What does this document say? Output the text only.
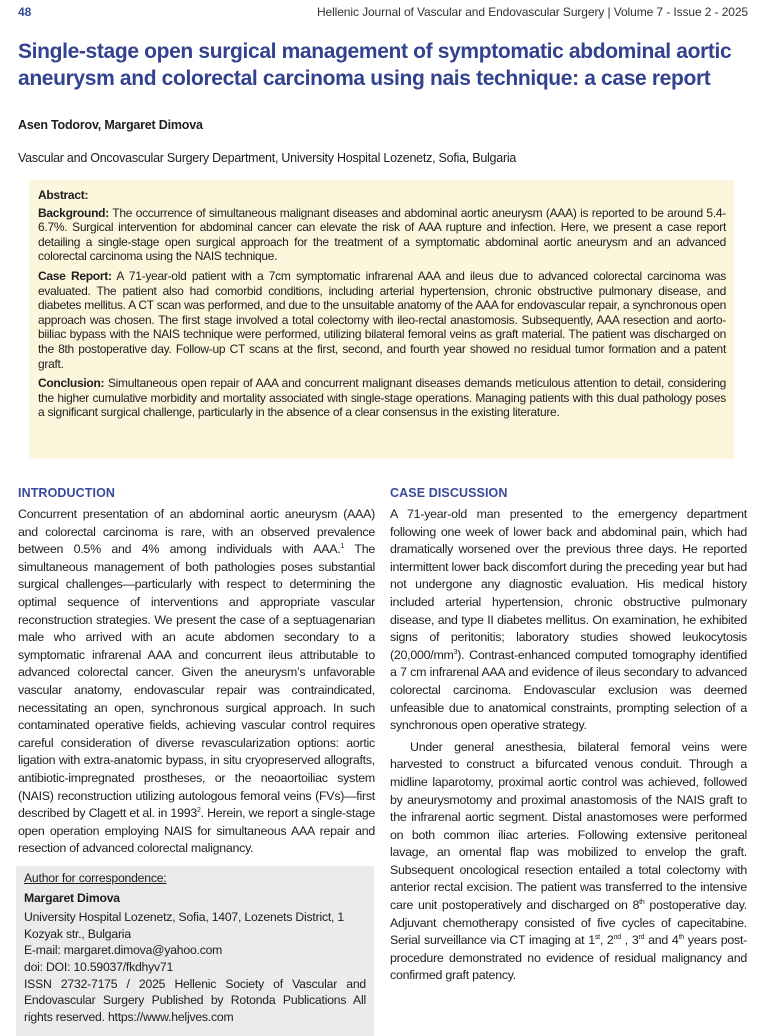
48	Hellenic Journal of Vascular and Endovascular Surgery | Volume 7 - Issue 2 - 2025
Single-stage open surgical management of symptomatic abdominal aortic aneurysm and colorectal carcinoma using nais technique: a case report
Asen Todorov, Margaret Dimova
Vascular and Oncovascular Surgery Department, University Hospital Lozenetz, Sofia, Bulgaria
Abstract:

Background: The occurrence of simultaneous malignant diseases and abdominal aortic aneurysm (AAA) is reported to be around 5.4-6.7%. Surgical intervention for abdominal cancer can elevate the risk of AAA rupture and infection. Here, we present a case report detailing a single-stage open surgical approach for the treatment of a symptomatic abdominal aortic aneurysm and an advanced colorectal carcinoma using the NAIS technique.

Case Report: A 71-year-old patient with a 7cm symptomatic infrarenal AAA and ileus due to advanced colorectal carcinoma was evaluated. The patient also had comorbid conditions, including arterial hypertension, chronic obstructive pulmonary disease, and diabetes mellitus. A CT scan was performed, and due to the unsuitable anatomy of the AAA for endovascular repair, a synchronous open approach was chosen. The first stage involved a total colectomy with ileo-rectal anastomosis. Subsequently, AAA resection and aorto-biiliac bypass with the NAIS technique were performed, utilizing bilateral femoral veins as graft material. The patient was discharged on the 8th postoperative day. Follow-up CT scans at the first, second, and fourth year showed no residual tumor formation and a patent graft.

Conclusion: Simultaneous open repair of AAA and concurrent malignant diseases demands meticulous attention to detail, considering the higher cumulative morbidity and mortality associated with single-stage operations. Managing patients with this dual pathology poses a significant surgical challenge, particularly in the absence of a clear consensus in the existing literature.

INTRODUCTION

Concurrent presentation of an abdominal aortic aneurysm (AAA) and colorectal carcinoma is rare, with an observed prevalence between 0.5% and 4% among individuals with AAA.$^1$ The simultaneous management of both pathologies poses substantial surgical challenges—particularly with respect to determining the optimal sequence of interventions and appropriate vascular reconstruction strategies. We present the case of a septuagenarian male who arrived with an acute abdomen secondary to a symptomatic infrarenal AAA and concurrent ileus attributable to advanced colorectal cancer. Given the aneurysm’s unfavorable vascular anatomy, endovascular repair was contraindicated, necessitating an open, synchronous surgical approach. In such contaminated operative fields, achieving vascular control requires careful consideration of diverse revascularization options: aortic ligation with extra-anatomic bypass, in situ cryopreserved allografts, antibiotic-impregnated prostheses, or the neoaortoiliac system (NAIS) reconstruction utilizing autologous femoral veins (FVs)—first described by Clagett et al. in 1993$^2$. Herein, we report a single-stage open operation employing NAIS for simultaneous AAA repair and resection of advanced colorectal malignancy.

Author for correspondence:
Margaret Dimova
University Hospital Lozenetz, Sofia, 1407, Lozenets District, 1 Kozyak str., Bulgaria
E-mail: margaret.dimova@yahoo.com
doi: DOI: 10.59037/fkdhyv71
ISSN 2732-7175 / 2025 Hellenic Society of Vascular and Endovascular Surgery Published by Rotonda Publications All rights reserved. https://www.heljves.com
CASE DISCUSSION

A 71-year-old man presented to the emergency department following one week of lower back and abdominal pain, which had dramatically worsened over the previous three days. He reported intermittent lower back discomfort during the preceding year but had not undergone any diagnostic evaluation. His medical history included arterial hypertension, chronic obstructive pulmonary disease, and type II diabetes mellitus. On examination, he exhibited signs of peritonitis; laboratory studies showed leukocytosis $(20,000/mm^3)$. Contrast-enhanced computed tomography identified a 7 cm infrarenal AAA and evidence of ileus secondary to advanced colorectal carcinoma. Endovascular exclusion was deemed unfeasible due to anatomical constraints, prompting selection of a synchronous open operative strategy.

Under general anesthesia, bilateral femoral veins were harvested to construct a bifurcated venous conduit. Through a midline laparotomy, proximal aortic control was achieved, followed by aneurysmotomy and proximal anastomosis of the NAIS graft to the infrarenal aortic segment. Distal anastomoses were performed on both common iliac arteries. Following extensive peritoneal lavage, an omental flap was mobilized to envelop the graft. Subsequent oncological resection entailed a total colectomy with anterior rectal excision. The patient was transferred to the intensive care unit postoperatively and discharged on 8th postoperative day. Adjuvant chemotherapy consisted of five cycles of capecitabine. Serial surveillance via CT imaging at 1st, 2nd , 3rd and 4th years post-procedure demonstrated no evidence of residual malignancy and confirmed graft patency.
